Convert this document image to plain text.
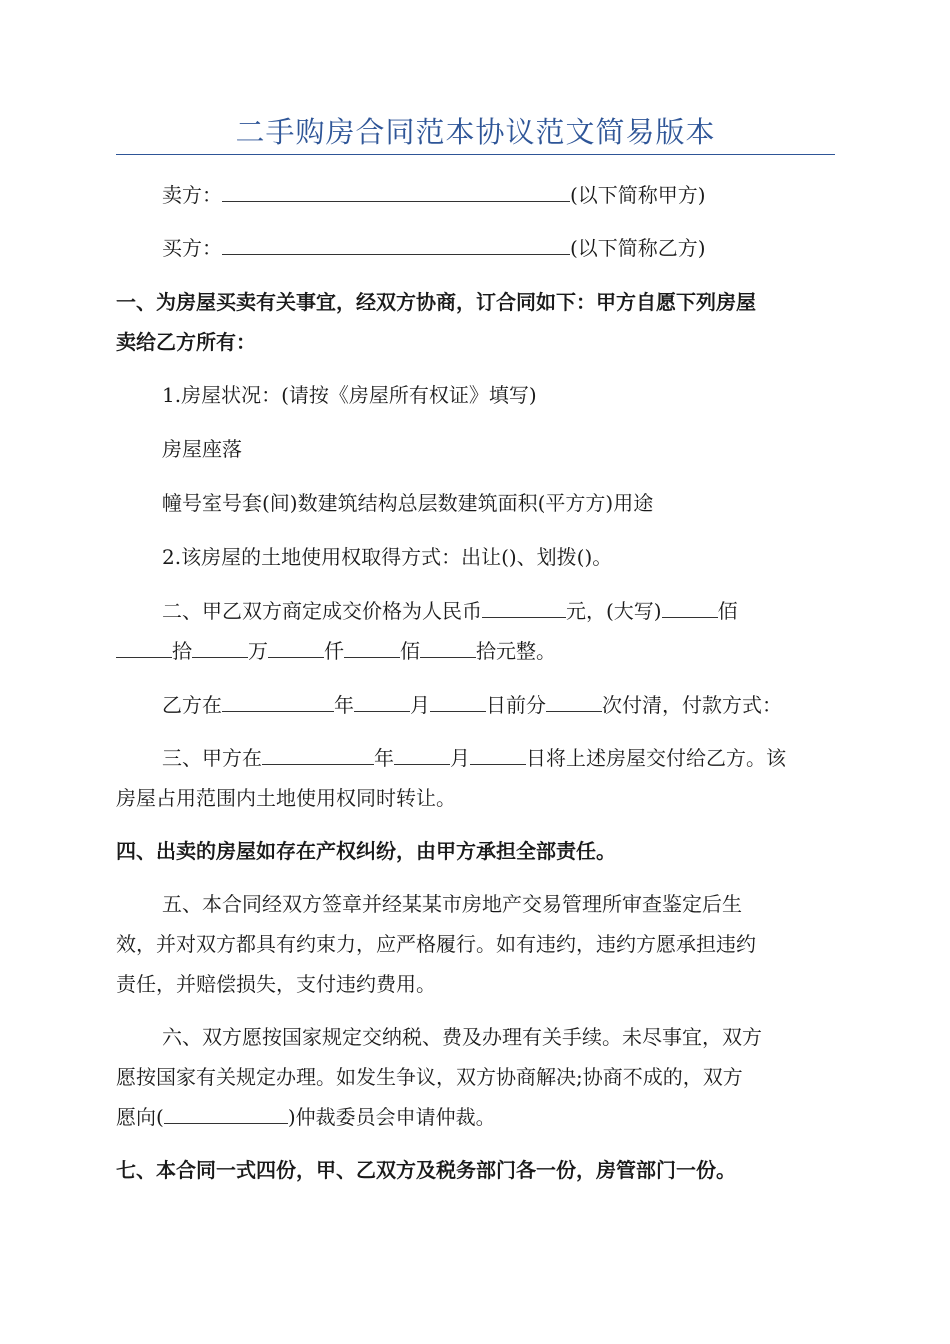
二手购房合同范本协议范文简易版本
卖方：	(以下简称甲方)
买方：	(以下简称乙方)
一、为房屋买卖有关事宜，经双方协商，订合同如下：甲方自愿下列房屋
卖给乙方所有：
1.房屋状况：(请按《房屋所有权证》填写)
房屋座落
幢号室号套(间)数建筑结构总层数建筑面积(平方方)用途
2.该房屋的土地使用权取得方式：出让()、划拨()。
二、甲乙双方商定成交价格为人民币	元，(大写)	佰
拾	万	仟	佰	拾元整。
乙方在	年	月	日前分	次付清，付款方式：
三、甲方在	年	月	日将上述房屋交付给乙方。该
房屋占用范围内土地使用权同时转让。
四、出卖的房屋如存在产权纠纷，由甲方承担全部责任。
五、本合同经双方签章并经某某市房地产交易管理所审查鉴定后生
效，并对双方都具有约束力，应严格履行。如有违约，违约方愿承担违约
责任，并赔偿损失，支付违约费用。
六、双方愿按国家规定交纳税、费及办理有关手续。未尽事宜，双方
愿按国家有关规定办理。如发生争议，双方协商解决;协商不成的，双方
愿向(	)仲裁委员会申请仲裁。
七、本合同一式四份，甲、乙双方及税务部门各一份，房管部门一份。
